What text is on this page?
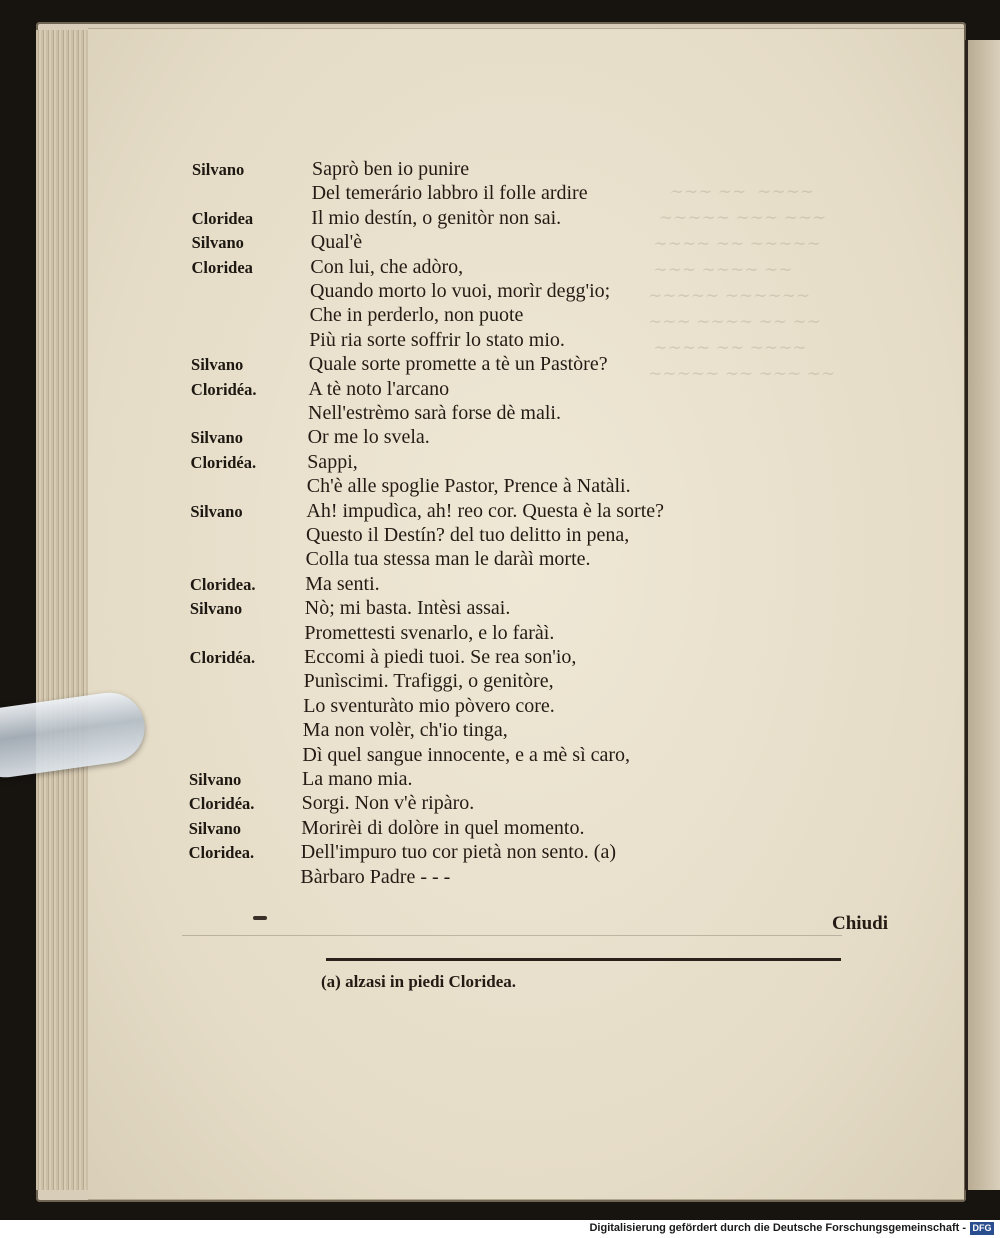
∼∼∼ ∼∼  ∼∼∼∼
∼∼∼∼∼ ∼∼∼ ∼∼∼
∼∼∼∼ ∼∼ ∼∼∼∼∼
∼∼∼ ∼∼∼∼ ∼∼
∼∼∼∼∼ ∼∼∼∼∼∼
∼∼∼ ∼∼∼∼ ∼∼ ∼∼
∼∼∼∼ ∼∼ ∼∼∼∼
∼∼∼∼∼ ∼∼ ∼∼∼ ∼∼
Silvano	Saprò ben io punire
Del temerário labbro il folle ardire
Cloridea	Il mio destín, o genitòr non sai.
Silvano	Qual'è
Cloridea	Con lui, che adòro,
Quando morto lo vuoi, morìr degg'io;
Che in perderlo, non puote
Più ria sorte soffrir lo stato mio.
Silvano	Quale sorte promette a tè un Pastòre?
Cloridéa.	A tè noto l'arcano
Nell'estrèmo sarà forse dè mali.
Silvano	Or me lo svela.
Cloridéa.	Sappi,
Ch'è alle spoglie Pastor, Prence à Natàli.
Silvano	Ah! impudìca, ah! reo cor. Questa è la sorte?
Questo il Destín? del tuo delitto in pena,
Colla tua stessa man le daràì morte.
Cloridea.	Ma senti.
Silvano	Nò; mi basta. Intèsi assai.
Promettesti svenarlo, e lo faràì.
Cloridéa.	Eccomi à piedi tuoi. Se rea son'io,
Punìscimi. Trafiggi, o genitòre,
Lo sventuràto mio pòvero core.
Ma non volèr, ch'io tinga,
Dì quel sangue innocente, e a mè sì caro,
Silvano	La mano mia.
Cloridéa.	Sorgi. Non v'è ripàro.
Silvano	Morirèi di dolòre in quel momento.
Cloridea.	Dell'impuro tuo cor pietà non sento. (a)
Bàrbaro Padre - - -
Chiudi
(a) alzasi in piedi Cloridea.
Digitalisierung gefördert durch die Deutsche Forschungsgemeinschaft - DFG
